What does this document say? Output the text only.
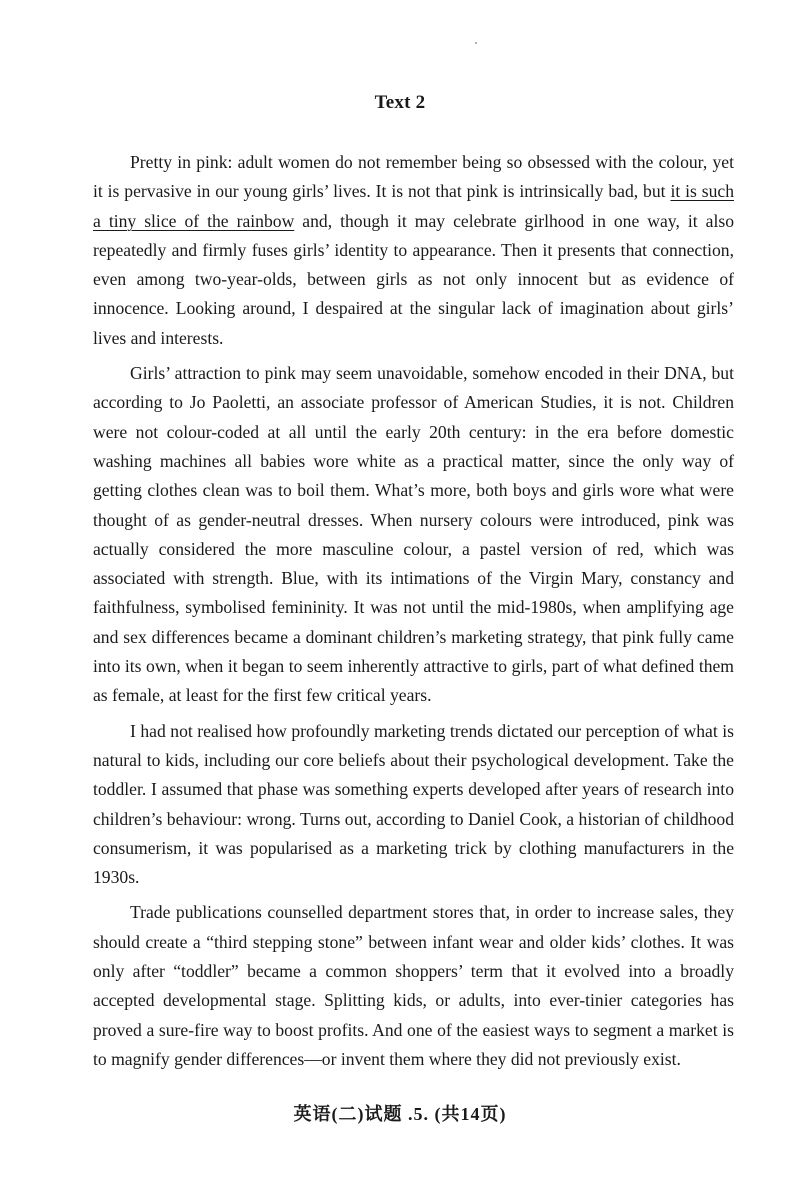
Text 2

Pretty in pink: adult women do not remember being so obsessed with the colour, yet it is pervasive in our young girls’ lives. It is not that pink is intrinsically bad, but it is such a tiny slice of the rainbow and, though it may celebrate girlhood in one way, it also repeatedly and firmly fuses girls’ identity to appearance. Then it presents that connection, even among two-year-olds, between girls as not only innocent but as evidence of innocence. Looking around, I despaired at the singular lack of imagination about girls’ lives and interests.

Girls’ attraction to pink may seem unavoidable, somehow encoded in their DNA, but according to Jo Paoletti, an associate professor of American Studies, it is not. Children were not colour-coded at all until the early 20th century: in the era before domestic washing machines all babies wore white as a practical matter, since the only way of getting clothes clean was to boil them. What’s more, both boys and girls wore what were thought of as gender-neutral dresses. When nursery colours were introduced, pink was actually considered the more masculine colour, a pastel version of red, which was associated with strength. Blue, with its intimations of the Virgin Mary, constancy and faithfulness, symbolised femininity. It was not until the mid-1980s, when amplifying age and sex differences became a dominant children’s marketing strategy, that pink fully came into its own, when it began to seem inherently attractive to girls, part of what defined them as female, at least for the first few critical years.

I had not realised how profoundly marketing trends dictated our perception of what is natural to kids, including our core beliefs about their psychological development. Take the toddler. I assumed that phase was something experts developed after years of research into children’s behaviour: wrong. Turns out, according to Daniel Cook, a historian of childhood consumerism, it was popularised as a marketing trick by clothing manufacturers in the 1930s.

Trade publications counselled department stores that, in order to increase sales, they should create a “third stepping stone” between infant wear and older kids’ clothes. It was only after “toddler” became a common shoppers’ term that it evolved into a broadly accepted developmental stage. Splitting kids, or adults, into ever-tinier categories has proved a sure-fire way to boost profits. And one of the easiest ways to segment a market is to magnify gender differences—or invent them where they did not previously exist.

英语(二)试题 .5. (共14页)
